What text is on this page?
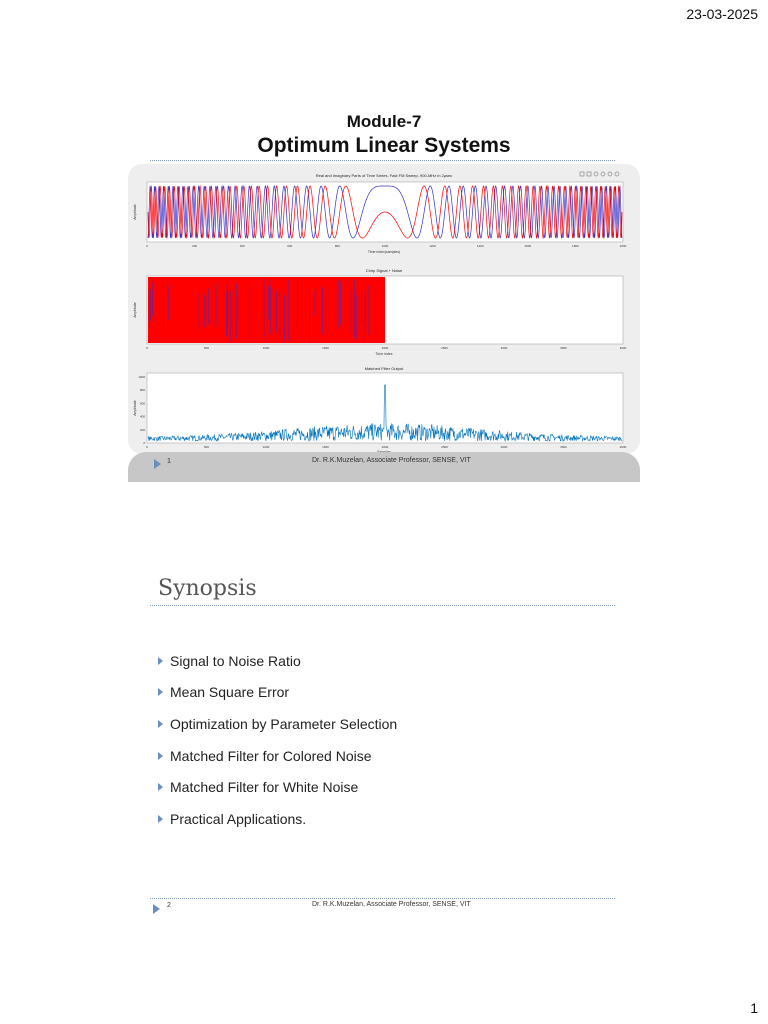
23-03-2025
Module-7
Optimum Linear Systems
Real and Imaginary Parts of Time Series, Fast FM Sweep, 900-MHz in 2µsec
0	200	400	600	800	1000	1200	1400	1600	1800	2000
Time index(samples)
Amplitude
Chirp Signal + Noise
0	500	1000	1500	2000	2500	3000	3500	4000
Time index
Amplitude
Matched Filter Output
0	500	1000	1500	2000	2500	3000	3500	4000
0
200
400
600
800
1000
Amplitude
1	Dr. R.K.Muzelan, Associate Professor, SENSE, VIT
Synopsis
Signal to Noise Ratio
Mean Square Error
Optimization by Parameter Selection
Matched Filter for Colored Noise
Matched Filter for White Noise
Practical Applications.
2	Dr. R.K.Muzelan, Associate Professor, SENSE, VIT
1
